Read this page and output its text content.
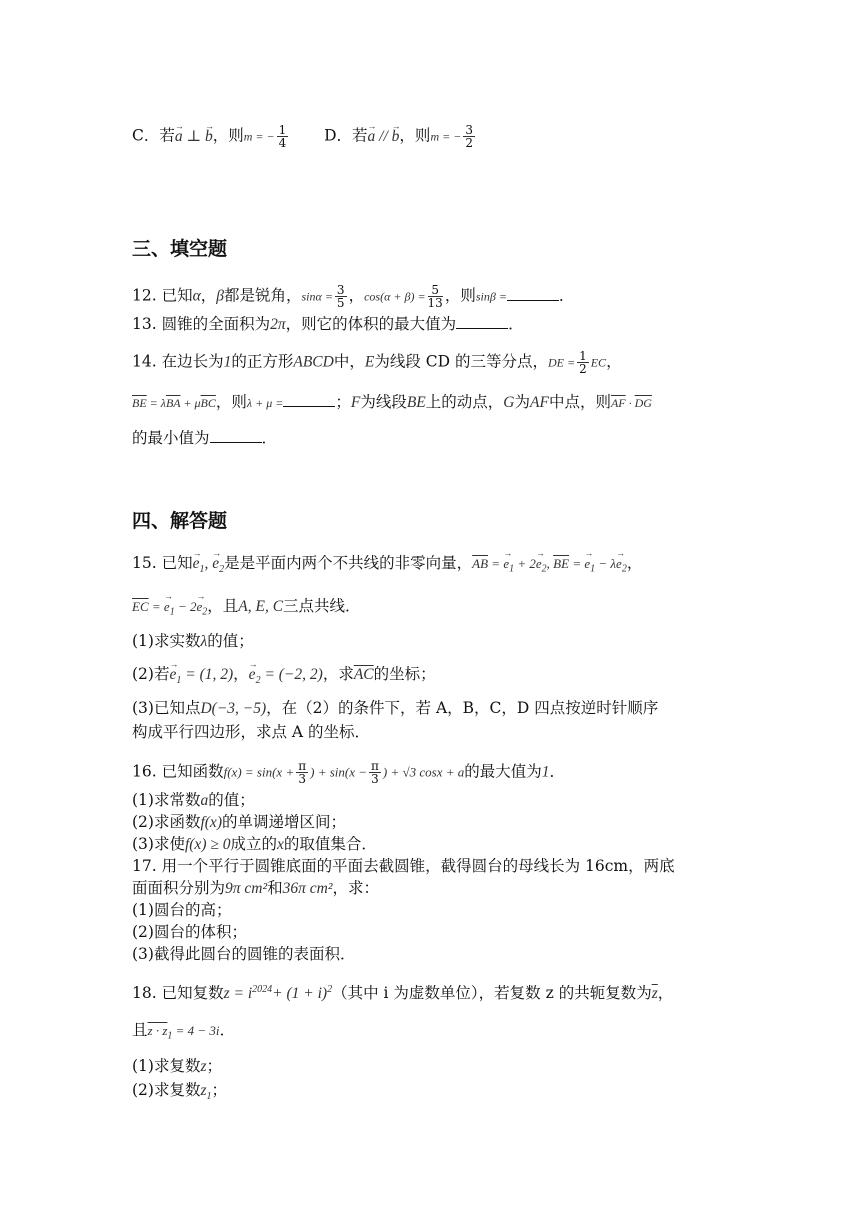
C．若→ a ⊥ → b，则m = − $\frac{1}{4}$ D．若→ a // → b，则m = − $\frac{3}{2}$
三、填空题
12. 已知α，β都是锐角，$\sin\alpha = \frac{3}{5}$ ，$\cos(\alpha + \beta) = \frac{5}{13}$ ，则sinβ =	．
13. 圆锥的全面积为2π，则它的体积的最大值为	．
14. 在边长为1的正方形ABCD中，E为线段 CD 的三等分点，DE = $\frac{1}{2}$ EC，
$\overline{BE} = \lambda\overline{BA} + \mu\overline{BC}$，则λ + μ =	；F为线段BE上的动点，G为AF中点，则$\overline{AF} \cdot \overline{DG}$
的最小值为	．
四、解答题
15. 已知→ $e_1$, → $e_2$是是平面内两个不共线的非零向量，$\overline{AB}$ = → $e_1 + 2\to e_2$, $\overline{BE}$ = → $e_1 - \lambda\to e_2$，
$\overline{EC}$ = → $e_1 - 2\to e_2$，且A, E, C三点共线．
(1)求实数λ的值；
(2)若→ $e_1 = (1$, 2)，→ $e_2 = (-2$, 2)，求$\overline{AC}$的坐标；
(3)已知点D(−3, −5)，在（2）的条件下，若 A，B，C，D 四点按逆时针顺序
构成平行四边形，求点 A 的坐标．
16. 已知函数$f(x) = \sin(x + \frac{\pi}{3}$ ) + $\sin(x - \frac{\pi}{3}$ ) + √3 cosx + a的最大值为1．
(1)求常数a的值；
(2)求函数f(x)的单调递增区间；
(3)求使f(x) ≥ 0成立的x的取值集合．
17. 用一个平行于圆锥底面的平面去截圆锥，截得圆台的母线长为 16cm，两底
面面积分别为9π cm²和36π cm²，求：
(1)圆台的高；
(2)圆台的体积；
(3)截得此圆台的圆锥的表面积．
18. 已知复数$z = i^{2024}+ (1 + i)^2$（其中 i 为虚数单位），若复数 z 的共轭复数为$\overline{z}$，
且$z \cdot z_1 = 4 - 3i$．
(1)求复数z；
(2)求复数$z_1$；
